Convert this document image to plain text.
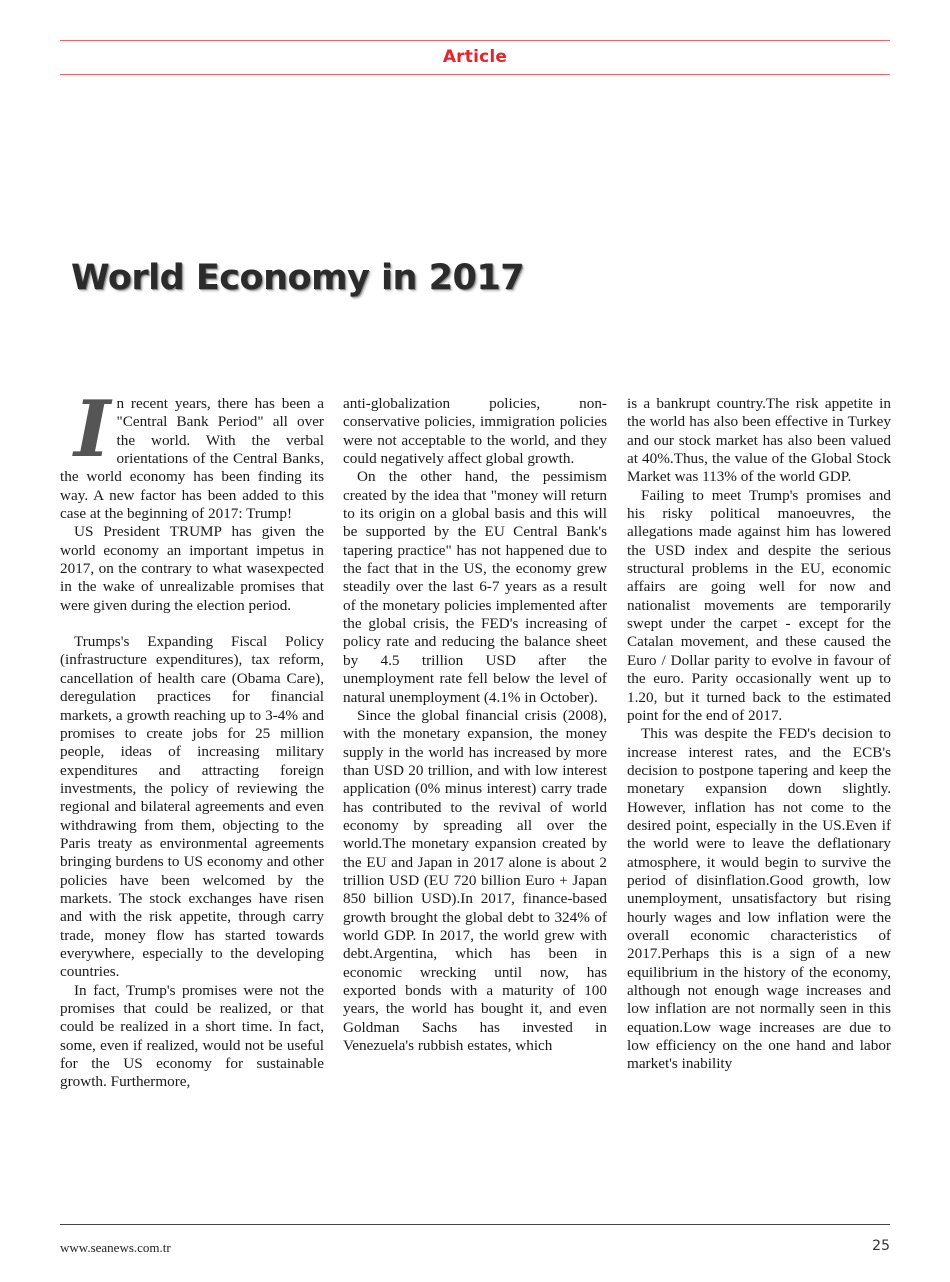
Article
World Economy in 2017

In recent years, there has been a "Central Bank Period" all over the world. With the verbal orientations of the Central Banks, the world economy has been finding its way. A new factor has been added to this case at the beginning of 2017: Trump!

US President TRUMP has given the world economy an important impetus in 2017, on the contrary to what wasexpected in the wake of unrealizable promises that were given during the election period.

Trumps's Expanding Fiscal Policy (infrastructure expenditures), tax reform, cancellation of health care (Obama Care), deregulation practices for financial markets, a growth reaching up to 3-4% and promises to create jobs for 25 million people, ideas of increasing military expenditures and attracting foreign investments, the policy of reviewing the regional and bilateral agreements and even withdrawing from them, objecting to the Paris treaty as environmental agreements bringing burdens to US economy and other policies have been welcomed by the markets. The stock exchanges have risen and with the risk appetite, through carry trade, money flow has started towards everywhere, especially to the developing countries.

In fact, Trump's promises were not the promises that could be realized, or that could be realized in a short time. In fact, some, even if realized, would not be useful for the US economy for sustainable growth. Furthermore,

anti-globalization policies, non-conservative policies, immigration policies were not acceptable to the world, and they could negatively affect global growth.

On the other hand, the pessimism created by the idea that "money will return to its origin on a global basis and this will be supported by the EU Central Bank's tapering practice" has not happened due to the fact that in the US, the economy grew steadily over the last 6-7 years as a result of the monetary policies implemented after the global crisis, the FED's increasing of policy rate and reducing the balance sheet by 4.5 trillion USD after the unemployment rate fell below the level of natural unemployment (4.1% in October).

Since the global financial crisis (2008), with the monetary expansion, the money supply in the world has increased by more than USD 20 trillion, and with low interest application (0% minus interest) carry trade has contributed to the revival of world economy by spreading all over the world.The monetary expansion created by the EU and Japan in 2017 alone is about 2 trillion USD (EU 720 billion Euro + Japan 850 billion USD).In 2017, finance-based growth brought the global debt to 324% of world GDP. In 2017, the world grew with debt.Argentina, which has been in economic wrecking until now, has exported bonds with a maturity of 100 years, the world has bought it, and even Goldman Sachs has invested in Venezuela's rubbish estates, which

is a bankrupt country.The risk appetite in the world has also been effective in Turkey and our stock market has also been valued at 40%.Thus, the value of the Global Stock Market was 113% of the world GDP.

Failing to meet Trump's promises and his risky political manoeuvres, the allegations made against him has lowered the USD index and despite the serious structural problems in the EU, economic affairs are going well for now and nationalist movements are temporarily swept under the carpet - except for the Catalan movement, and these caused the Euro / Dollar parity to evolve in favour of the euro. Parity occasionally went up to 1.20, but it turned back to the estimated point for the end of 2017.

This was despite the FED's decision to increase interest rates, and the ECB's decision to postpone tapering and keep the monetary expansion down slightly. However, inflation has not come to the desired point, especially in the US.Even if the world were to leave the deflationary atmosphere, it would begin to survive the period of disinflation.Good growth, low unemployment, unsatisfactory but rising hourly wages and low inflation were the overall economic characteristics of 2017.Perhaps this is a sign of a new equilibrium in the history of the economy, although not enough wage increases and low inflation are not normally seen in this equation.Low wage increases are due to low efficiency on the one hand and labor market's inability

www.seanews.com.tr	25
